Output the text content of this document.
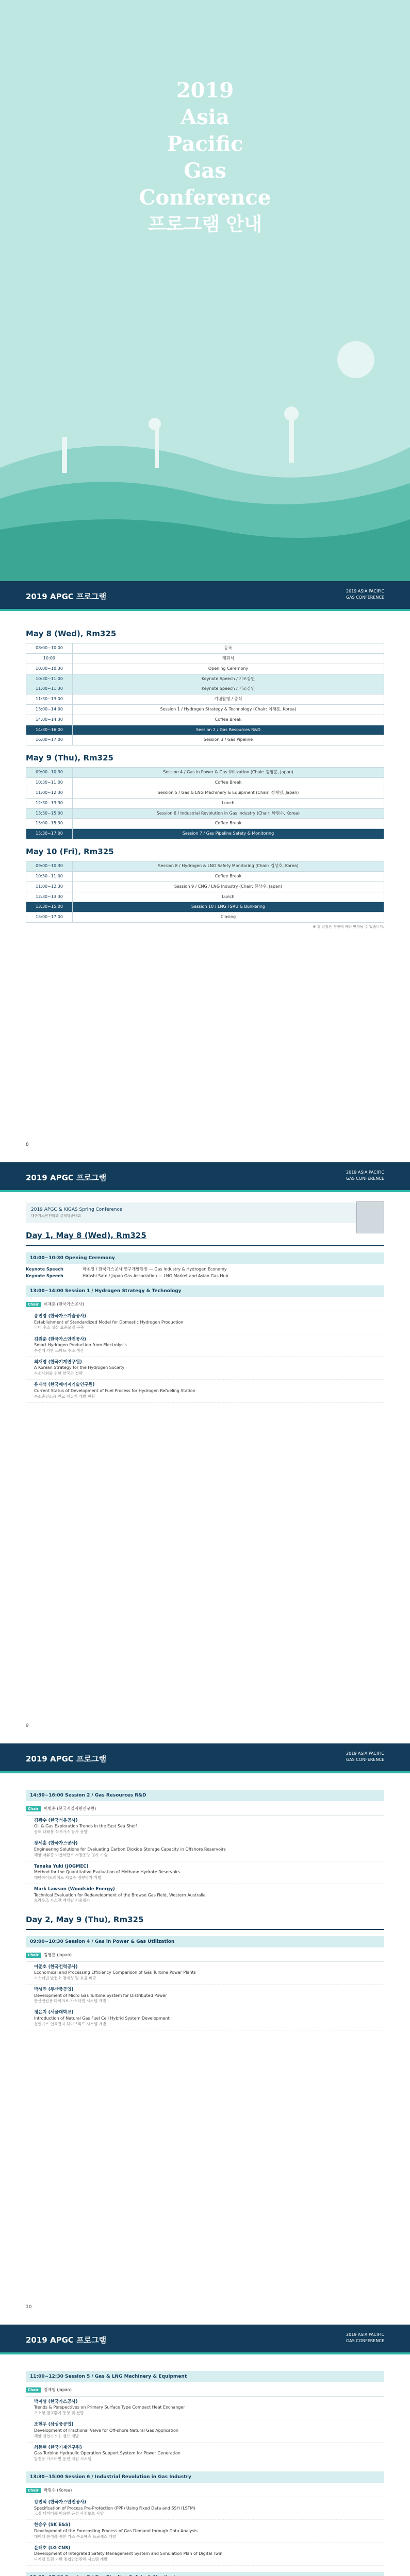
2019
Asia
Pacific
Gas
Conference
프로그램 안내
2019 APGC 프로그램
2019 ASIA PACIFIC
GAS CONFERENCE
May 8 (Wed), Rm325
08:00~10:00	등록
10:00	개회식
10:00~10:30	Opening Ceremony
10:30~11:00	Keynote Speech / 기조강연
11:00~11:30	Keynote Speech / 기조강연
11:30~13:00	기념촬영 / 중식
13:00~14:00	Session 1 / Hydrogen Strategy & Technology (Chair: 이재훈, Korea)
14:00~14:30	Coffee Break
14:30~16:00	Session 2 / Gas Resources R&D
16:00~17:00	Session 3 / Gas Pipeline
May 9 (Thu), Rm325
09:00~10:30	Session 4 / Gas in Power & Gas Utilization (Chair: 김영훈, Japan)
10:30~11:00	Coffee Break
11:00~12:30	Session 5 / Gas & LNG Machinery & Equipment (Chair: 정재영, Japan)
12:30~13:30	Lunch
13:30~15:00	Session 6 / Industrial Revolution in Gas Industry (Chair: 박현수, Korea)
15:00~15:30	Coffee Break
15:30~17:00	Session 7 / Gas Pipeline Safety & Monitoring
May 10 (Fri), Rm325
09:00~10:30	Session 8 / Hydrogen & LNG Safety Monitoring (Chair: 김상호, Korea)
10:30~11:00	Coffee Break
11:00~12:30	Session 9 / CNG / LNG Industry (Chair: 한상수, Japan)
12:30~13:30	Lunch
13:30~15:00	Session 10 / LNG FSRU & Bunkering
15:00~17:00	Closing
※ 위 일정은 사정에 따라 변경될 수 있습니다.
8
2019 APGC 프로그램
2019 ASIA PACIFIC
GAS CONFERENCE
2019 APGC & KIGAS Spring Conference
대한가스안전학회 춘계학술대회
Day 1, May 8 (Wed), Rm325
10:00~10:30 Opening Ceremony
Keynote Speech	박종일 / 한국가스공사 연구개발원장 — Gas Industry & Hydrogen Economy
Keynote Speech	Hiroshi Sato / Japan Gas Association — LNG Market and Asian Gas Hub
13:00~14:00 Session 1 / Hydrogen Strategy & Technology
Chair 이재훈 (한국가스공사)
송민경 (한국가스기술공사)
Establishment of Standardized Model for Domestic Hydrogen Production
국내 수소 생산 표준모델 구축
김원준 (한국가스안전공사)
Smart Hydrogen Production from Electrolysis
수전해 기반 스마트 수소 생산
최재영 (한국기계연구원)
A Korean Strategy for the Hydrogen Society
수소사회를 위한 한국의 전략
유재석 (한국에너지기술연구원)
Current Status of Development of Fuel Process for Hydrogen Refueling Station
수소충전소용 연료 개질기 개발 현황
9
2019 APGC 프로그램
2019 ASIA PACIFIC
GAS CONFERENCE
14:30~16:00 Session 2 / Gas Resources R&D
Chair 이병훈 (한국지질자원연구원)
김광수 (한국석유공사)
Oil & Gas Exploration Trends in the East Sea Shelf
동해 대륙붕 석유가스 탐사 동향
장세훈 (한국가스공사)
Engineering Solutions for Evaluating Carbon Dioxide Storage Capacity in Offshore Reservoirs
해양 저류층 이산화탄소 저장용량 평가 기술
Tanaka Yuki (JOGMEC)
Method for the Quantitative Evaluation of Methane Hydrate Reservoirs
메탄하이드레이트 저류층 정량평가 기법
Mark Lawson (Woodside Energy)
Technical Evaluation for Redevelopment of the Browse Gas Field, Western Australia
브라우즈 가스전 재개발 기술평가
Day 2, May 9 (Thu), Rm325
09:00~10:30 Session 4 / Gas in Power & Gas Utilization
Chair 김영훈 (Japan)
이준호 (한국전력공사)
Economical and Processing Efficiency Comparison of Gas Turbine Power Plants
가스터빈 발전소 경제성 및 효율 비교
박성민 (두산중공업)
Development of Micro Gas Turbine System for Distributed Power
분산전원용 마이크로 가스터빈 시스템 개발
정은지 (서울대학교)
Introduction of Natural Gas Fuel Cell Hybrid System Development
천연가스 연료전지 하이브리드 시스템 개발
10
2019 APGC 프로그램
2019 ASIA PACIFIC
GAS CONFERENCE
11:00~12:30 Session 5 / Gas & LNG Machinery & Equipment
Chair 정재영 (Japan)
박지성 (한국가스공사)
Trends & Perspectives on Primary Surface Type Compact Heat Exchanger
초소형 열교환기 동향 및 전망
조현우 (삼성중공업)
Development of Fractional Valve for Off-shore Natural Gas Application
해양 천연가스용 밸브 개발
최동현 (한국기계연구원)
Gas Turbine Hydraulic Operation Support System for Power Generation
발전용 가스터빈 운전 지원 시스템
13:30~15:00 Session 6 / Industrial Revolution in Gas Industry
Chair 박현수 (Korea)
강민석 (한국가스안전공사)
Specification of Process Pre-Protection (PPP) Using Fixed Data and SSH (LSTM)
고정 데이터를 이용한 공정 사전보호 사양
한승우 (SK E&S)
Development of the Forecasting Process of Gas Demand through Data Analysis
데이터 분석을 통한 가스 수요예측 프로세스 개발
윤태호 (LG CNS)
Development of Integrated Safety Management System and Simulation Plan of Digital Twin
디지털 트윈 기반 통합안전관리 시스템 개발
